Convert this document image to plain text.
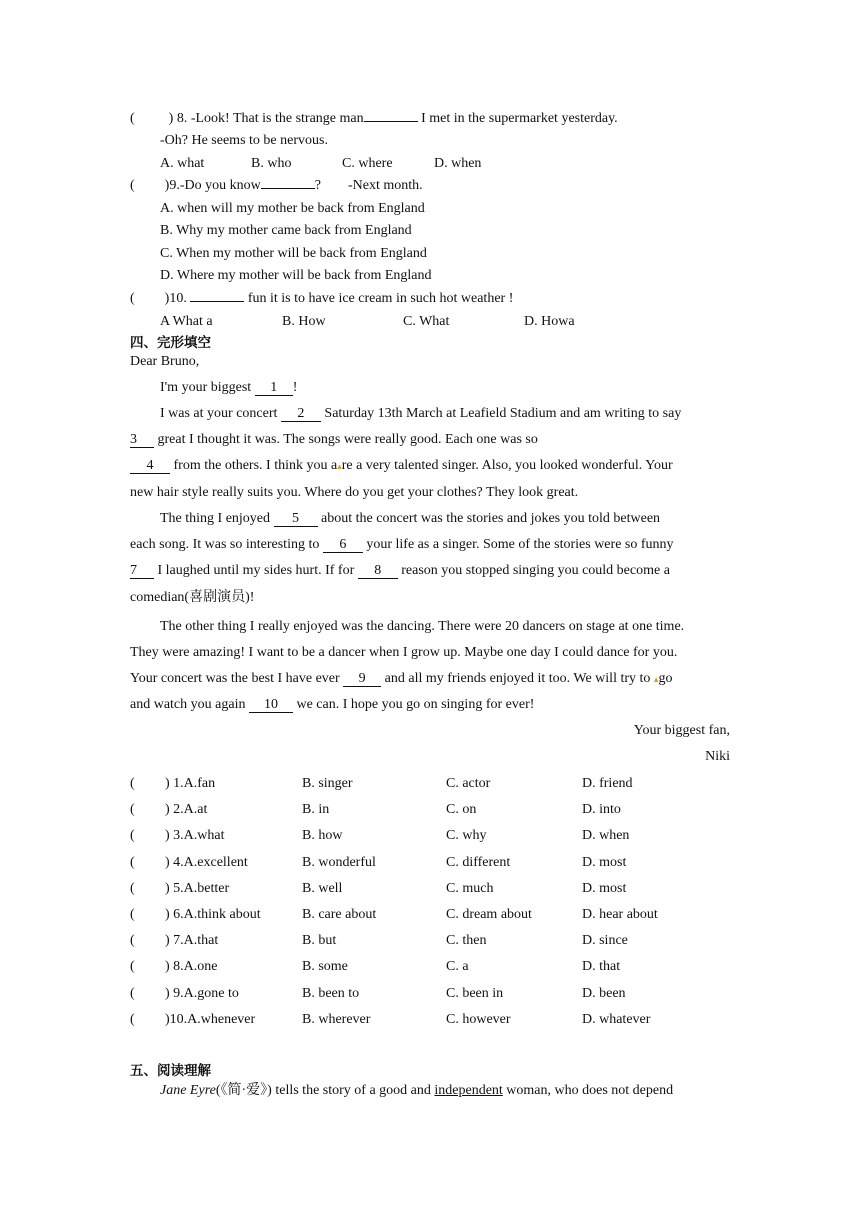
( ) 8. -Look! That is the strange man	I met in the supermarket yesterday.
-Oh? He seems to be nervous.
A. what	B. who	C. where	D. when
( )9.-Do you know	? -Next month.
A. when will my mother be back from England
B. Why my mother came back from England
C. When my mother will be back from England
D. Where my mother will be back from England
( )10.	fun it is to have ice cream in such hot weather !
A What a	B. How	C. What	D. Howa
四、完形填空
Dear Bruno,
I'm your biggest 1 !
I was at your concert 2 Saturday 13th March at Leafield Stadium and am writing to say
3 great I thought it was. The songs were really good. Each one was so
4 from the others. I think you a▴re a very talented singer. Also, you looked wonderful. Your
new hair style really suits you. Where do you get your clothes? They look great.
The thing I enjoyed 5 about the concert was the stories and jokes you told between
each song. It was so interesting to 6 your life as a singer. Some of the stories were so funny
7 I laughed until my sides hurt. If for 8 reason you stopped singing you could become a
comedian(喜剧演员)!
The other thing I really enjoyed was the dancing. There were 20 dancers on stage at one time.
They were amazing! I want to be a dancer when I grow up. Maybe one day I could dance for you.
Your concert was the best I have ever 9 and all my friends enjoyed it too. We will try to ▴go
and watch you again 10 we can. I hope you go on singing for ever!
Your biggest fan,
Niki
( ) 1.A.fan	B. singer	C. actor	D. friend
( ) 2.A.at	B. in	C. on	D. into
( ) 3.A.what	B. how	C. why	D. when
( ) 4.A.excellent	B. wonderful	C. different	D. most
( ) 5.A.better	B. well	C. much	D. most
( ) 6.A.think about	B. care about	C. dream about	D. hear about
( ) 7.A.that	B. but	C. then	D. since
( ) 8.A.one	B. some	C. a	D. that
( ) 9.A.gone to	B. been to	C. been in	D. been
( )10.A.whenever	B. wherever	C. however	D. whatever
五、阅读理解
Jane Eyre(《简·爱》) tells the story of a good and independent woman, who does not depend
